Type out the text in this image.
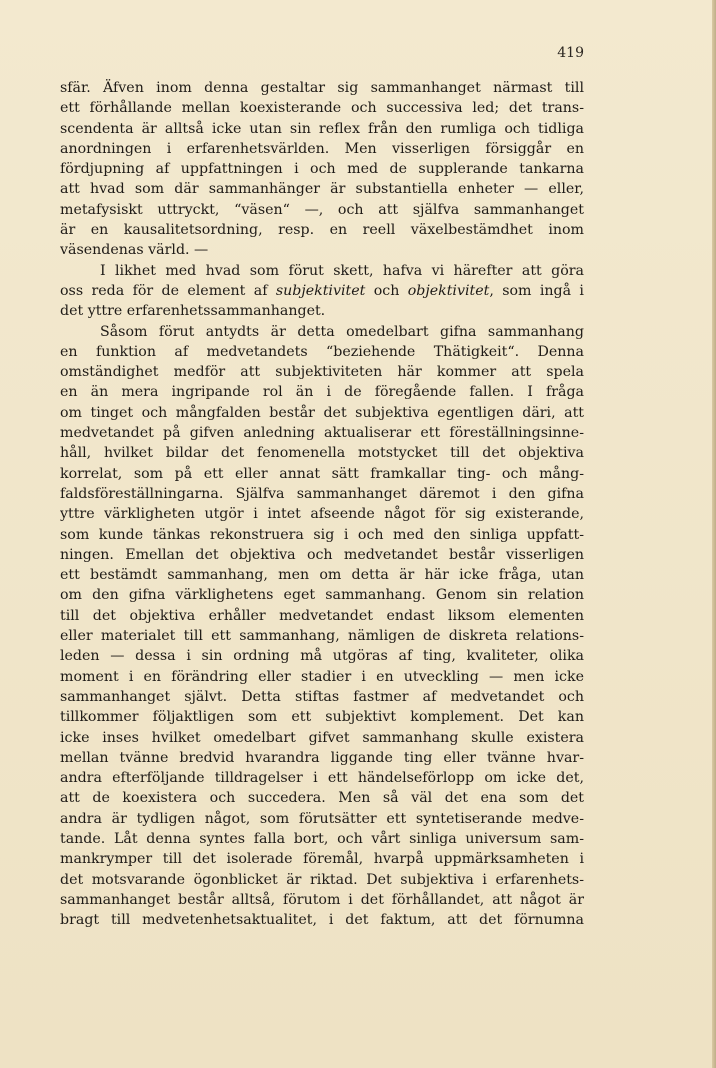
419
sfär. Äfven inom denna gestaltar sig sammanhanget närmast till
ett förhållande mellan koexisterande och successiva led; det trans-
scendenta är alltså icke utan sin reflex från den rumliga och tidliga
anordningen i erfarenhetsvärlden. Men visserligen försiggår en
fördjupning af uppfattningen i och med de supplerande tankarna
att hvad som där sammanhänger är substantiella enheter — eller,
metafysiskt uttryckt, “väsen“ —, och att själfva sammanhanget
är en kausalitetsordning, resp. en reell växelbestämdhet inom
väsendenas värld. —
I likhet med hvad som förut skett, hafva vi härefter att göra
oss reda för de element af subjektivitet och objektivitet, som ingå i
det yttre erfarenhetssammanhanget.
Såsom förut antydts är detta omedelbart gifna sammanhang
en funktion af medvetandets “beziehende Thätigkeit“. Denna
omständighet medför att subjektiviteten här kommer att spela
en än mera ingripande rol än i de föregående fallen. I fråga
om tinget och mångfalden består det subjektiva egentligen däri, att
medvetandet på gifven anledning aktualiserar ett föreställningsinne-
håll, hvilket bildar det fenomenella motstycket till det objektiva
korrelat, som på ett eller annat sätt framkallar ting- och mång-
faldsföreställningarna. Själfva sammanhanget däremot i den gifna
yttre värkligheten utgör i intet afseende något för sig existerande,
som kunde tänkas rekonstruera sig i och med den sinliga uppfatt-
ningen. Emellan det objektiva och medvetandet består visserligen
ett bestämdt sammanhang, men om detta är här icke fråga, utan
om den gifna värklighetens eget sammanhang. Genom sin relation
till det objektiva erhåller medvetandet endast liksom elementen
eller materialet till ett sammanhang, nämligen de diskreta relations-
leden — dessa i sin ordning må utgöras af ting, kvaliteter, olika
moment i en förändring eller stadier i en utveckling — men icke
sammanhanget självt. Detta stiftas fastmer af medvetandet och
tillkommer följaktligen som ett subjektivt komplement. Det kan
icke inses hvilket omedelbart gifvet sammanhang skulle existera
mellan tvänne bredvid hvarandra liggande ting eller tvänne hvar-
andra efterföljande tilldragelser i ett händelseförlopp om icke det,
att de koexistera och succedera. Men så väl det ena som det
andra är tydligen något, som förutsätter ett syntetiserande medve-
tande. Låt denna syntes falla bort, och vårt sinliga universum sam-
mankrymper till det isolerade föremål, hvarpå uppmärksamheten i
det motsvarande ögonblicket är riktad. Det subjektiva i erfarenhets-
sammanhanget består alltså, förutom i det förhållandet, att något är
bragt till medvetenhetsaktualitet, i det faktum, att det förnumna
